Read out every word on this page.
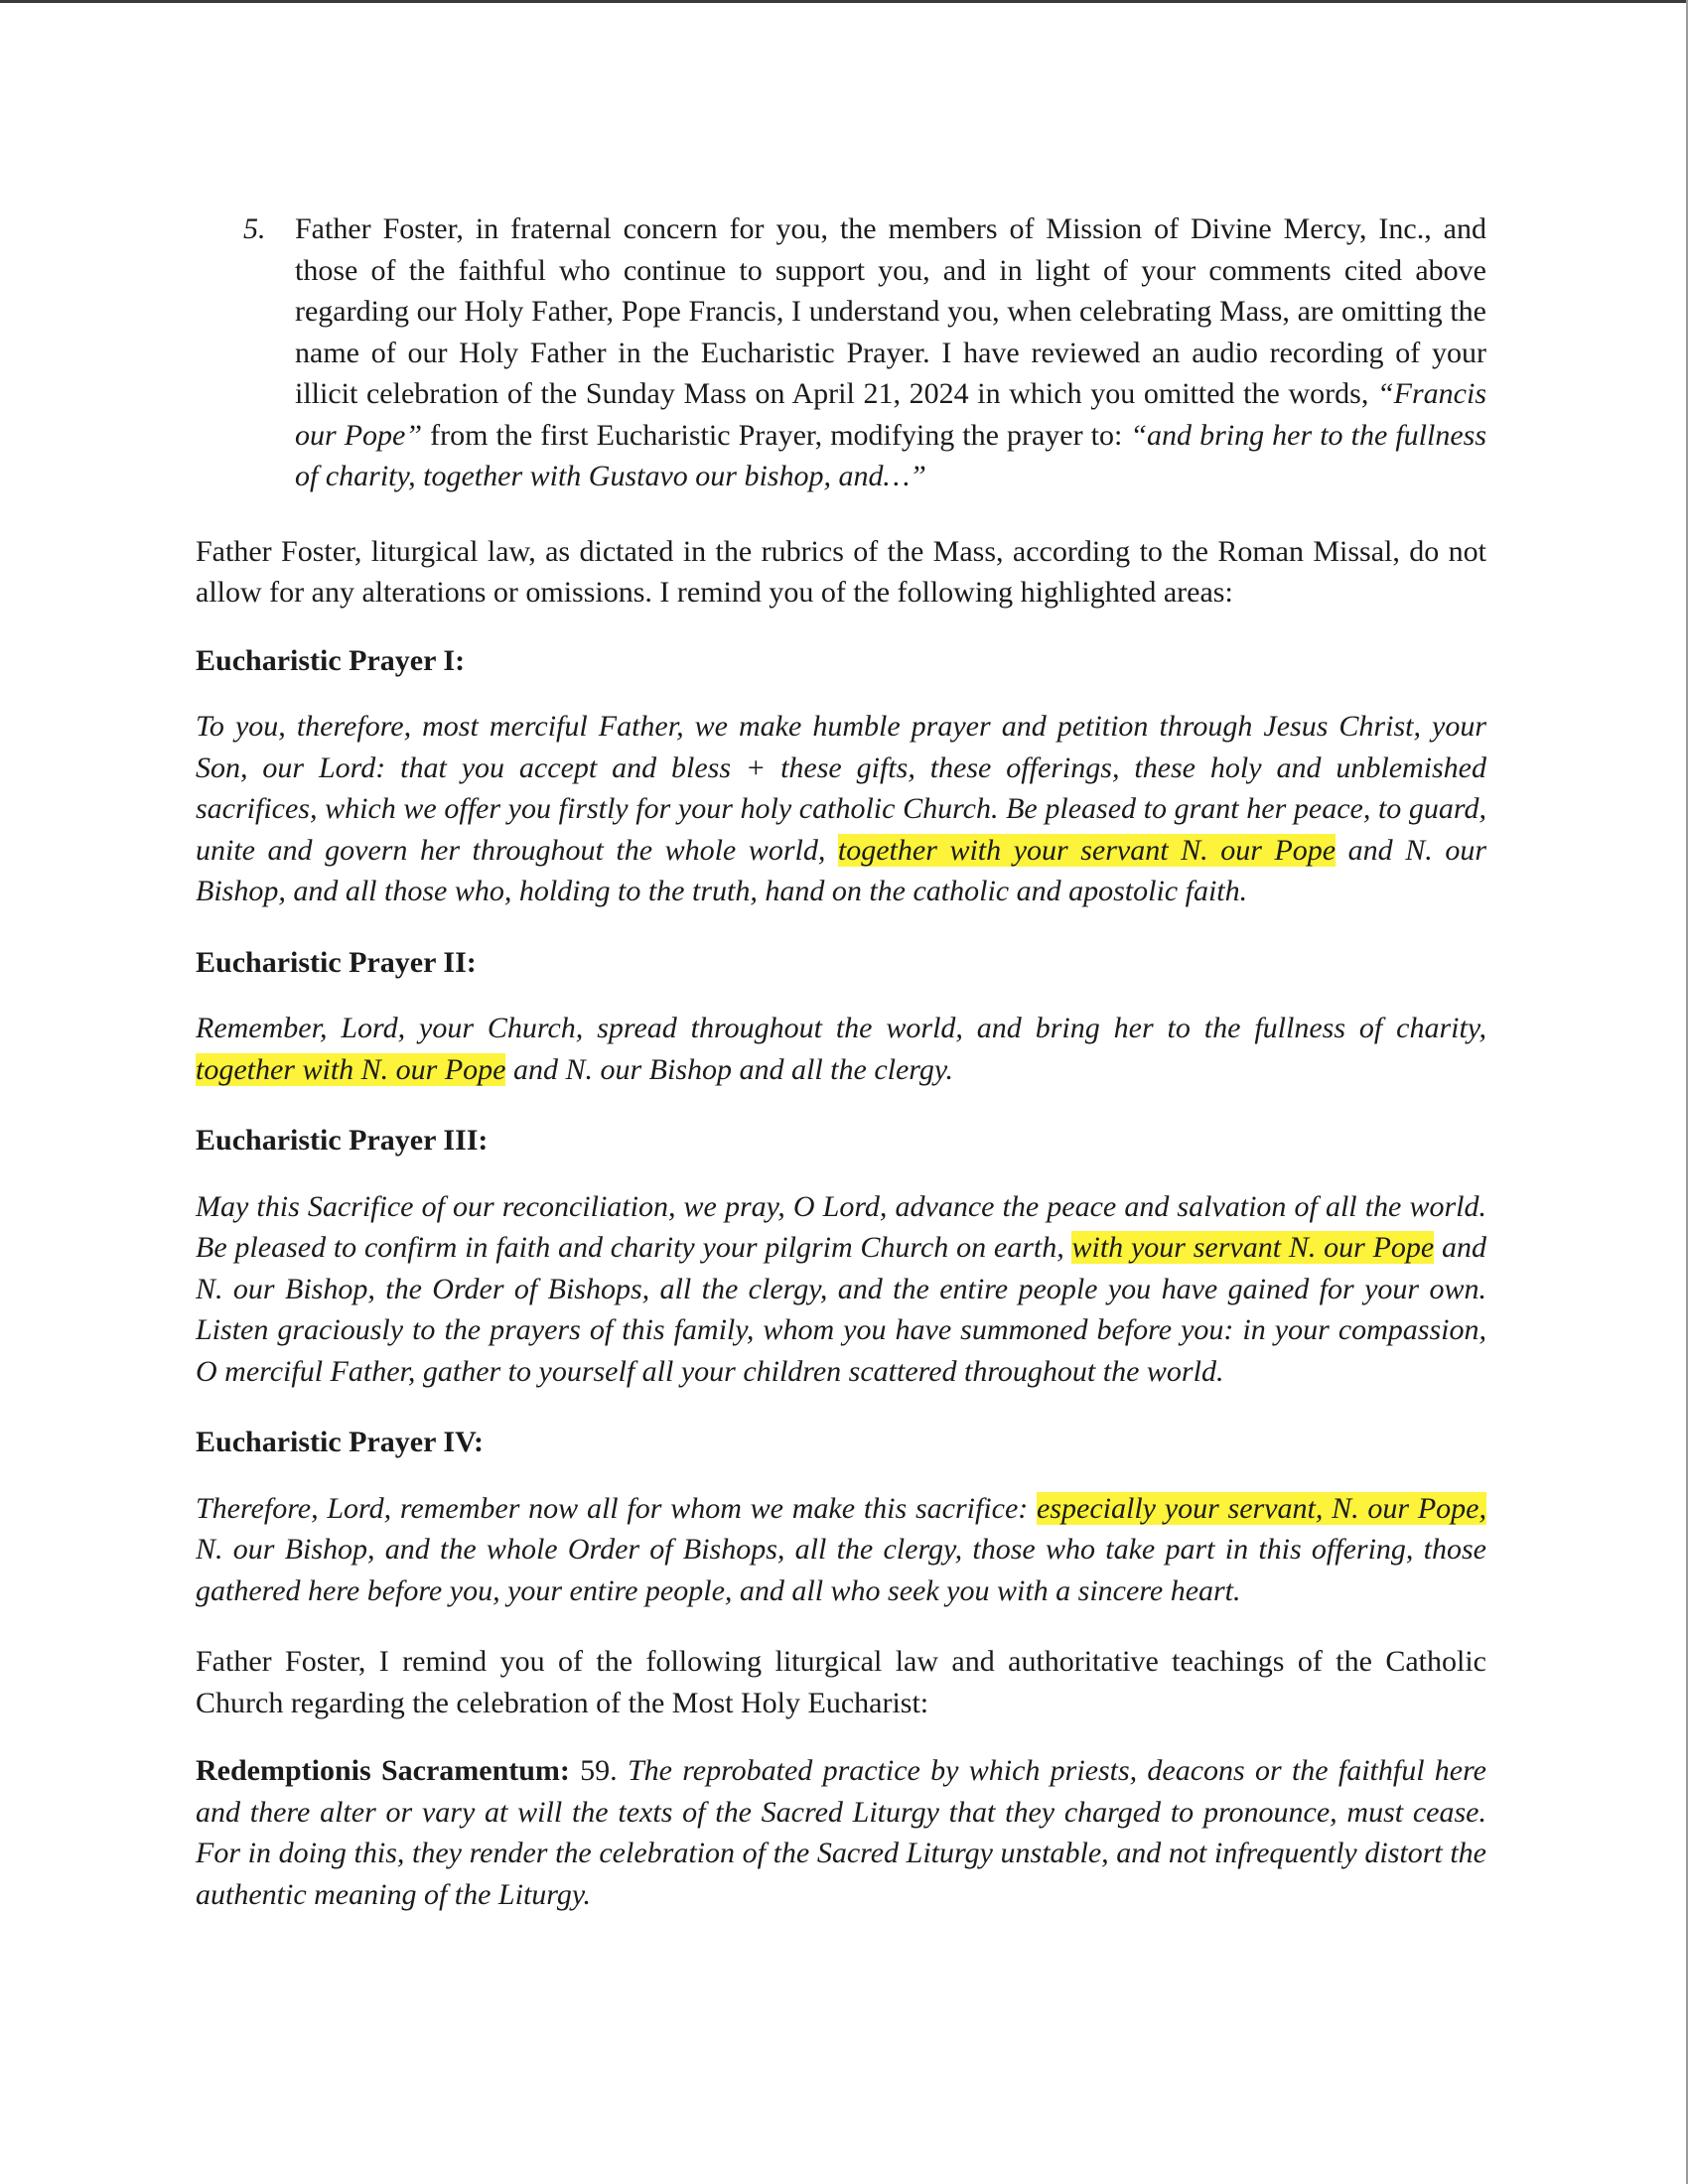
5. Father Foster, in fraternal concern for you, the members of Mission of Divine Mercy, Inc., and those of the faithful who continue to support you, and in light of your comments cited above regarding our Holy Father, Pope Francis, I understand you, when celebrating Mass, are omitting the name of our Holy Father in the Eucharistic Prayer. I have reviewed an audio recording of your illicit celebration of the Sunday Mass on April 21, 2024 in which you omitted the words, “Francis our Pope” from the first Eucharistic Prayer, modifying the prayer to: “and bring her to the fullness of charity, together with Gustavo our bishop, and…”

Father Foster, liturgical law, as dictated in the rubrics of the Mass, according to the Roman Missal, do not allow for any alterations or omissions. I remind you of the following highlighted areas:

Eucharistic Prayer I:

To you, therefore, most merciful Father, we make humble prayer and petition through Jesus Christ, your Son, our Lord: that you accept and bless + these gifts, these offerings, these holy and unblemished sacrifices, which we offer you firstly for your holy catholic Church. Be pleased to grant her peace, to guard, unite and govern her throughout the whole world, together with your servant N. our Pope and N. our Bishop, and all those who, holding to the truth, hand on the catholic and apostolic faith.

Eucharistic Prayer II:

Remember, Lord, your Church, spread throughout the world, and bring her to the fullness of charity, together with N. our Pope and N. our Bishop and all the clergy.

Eucharistic Prayer III:

May this Sacrifice of our reconciliation, we pray, O Lord, advance the peace and salvation of all the world. Be pleased to confirm in faith and charity your pilgrim Church on earth, with your servant N. our Pope and N. our Bishop, the Order of Bishops, all the clergy, and the entire people you have gained for your own. Listen graciously to the prayers of this family, whom you have summoned before you: in your compassion, O merciful Father, gather to yourself all your children scattered throughout the world.

Eucharistic Prayer IV:

Therefore, Lord, remember now all for whom we make this sacrifice: especially your servant, N. our Pope, N. our Bishop, and the whole Order of Bishops, all the clergy, those who take part in this offering, those gathered here before you, your entire people, and all who seek you with a sincere heart.

Father Foster, I remind you of the following liturgical law and authoritative teachings of the Catholic Church regarding the celebration of the Most Holy Eucharist:

Redemptionis Sacramentum: 59. The reprobated practice by which priests, deacons or the faithful here and there alter or vary at will the texts of the Sacred Liturgy that they charged to pronounce, must cease. For in doing this, they render the celebration of the Sacred Liturgy unstable, and not infrequently distort the authentic meaning of the Liturgy.
